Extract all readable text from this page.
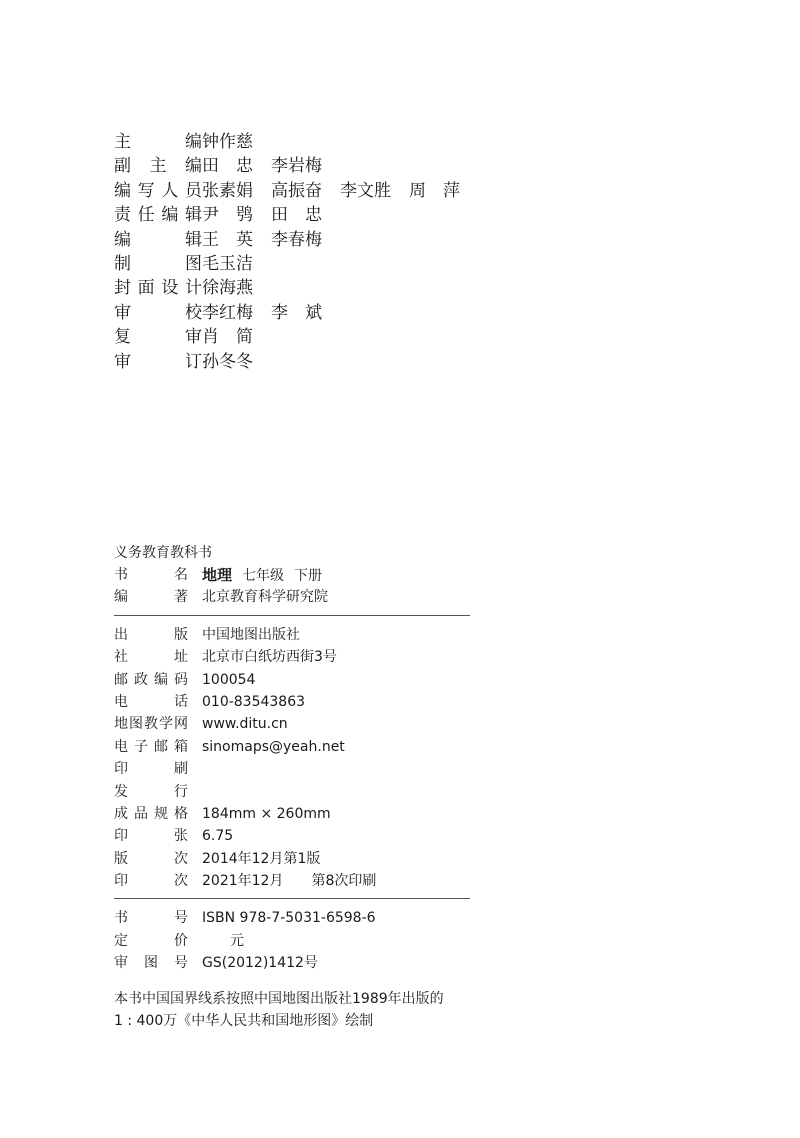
主	编 钟作慈
副 主 编 田　忠 李岩梅
编 写 人 员 张素娟 高振奋 李文胜 周　萍
责 任 编 辑 尹　鸮 田　忠
编	辑 王　英 李春梅
制	图 毛玉洁
封 面 设 计 徐海燕
审	校 李红梅 李　斌
复	审 肖　简
审	订 孙冬冬
义务教育教科书
书	名 地理 七年级 下册
编	著 北京教育科学研究院
出	版 中国地图出版社
社	址 北京市白纸坊西街3号
邮 政 编 码 100054
电	话 010-83543863
地 图 教 学 网 www.ditu.cn
电 子 邮 箱 sinomaps@yeah.net
印	刷
发	行
成 品 规 格 184mm × 260mm
印	张 6.75
版	次 2014年12月第1版
印	次 2021年12月　　第8次印刷
书	号 ISBN 978-7-5031-6598-6
定	价 　　元
审 图 号 GS(2012)1412号
本书中国国界线系按照中国地图出版社1989年出版的
1 : 400万《中华人民共和国地形图》绘制
